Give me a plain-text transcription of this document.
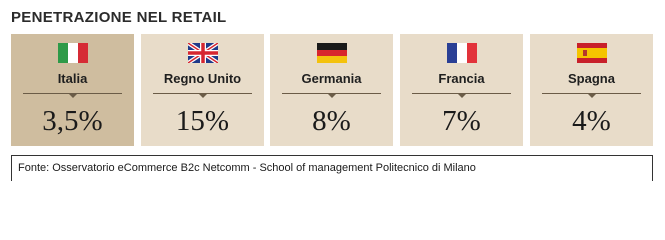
PENETRAZIONE NEL RETAIL
Italia
3,5%
Regno Unito
15%
Germania
8%
Francia
7%
Spagna
4%
Fonte: Osservatorio eCommerce B2c Netcomm - School of management Politecnico di Milano
